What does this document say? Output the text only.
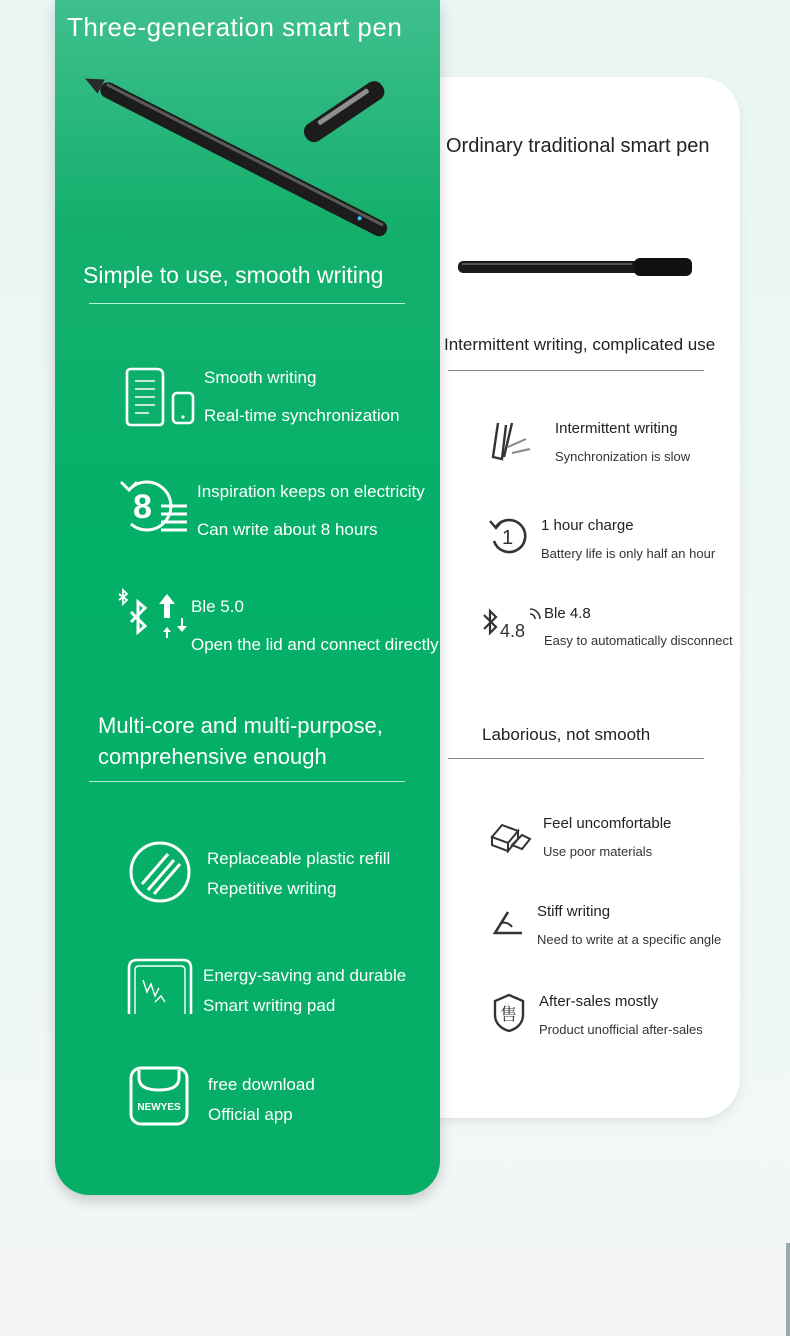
Ordinary traditional smart pen
Intermittent writing, complicated use
Intermittent writing
Synchronization is slow
1
1 hour charge
Battery life is only half an hour
4.8
Ble 4.8
Easy to automatically disconnect
Laborious, not smooth
Feel uncomfortable
Use poor materials
Stiff writing
Need to write at a specific angle
售
After-sales mostly
Product unofficial after-sales
Three-generation smart pen
Simple to use, smooth writing
Smooth writing
Real-time synchronization
8	Inspiration keeps on electricity
Can write about 8 hours
Ble 5.0
Open the lid and connect directly
Multi-core and multi-purpose, comprehensive enough
Replaceable plastic refill
Repetitive writing
Energy-saving and durable
Smart writing pad
NEWYES
free download
Official app
